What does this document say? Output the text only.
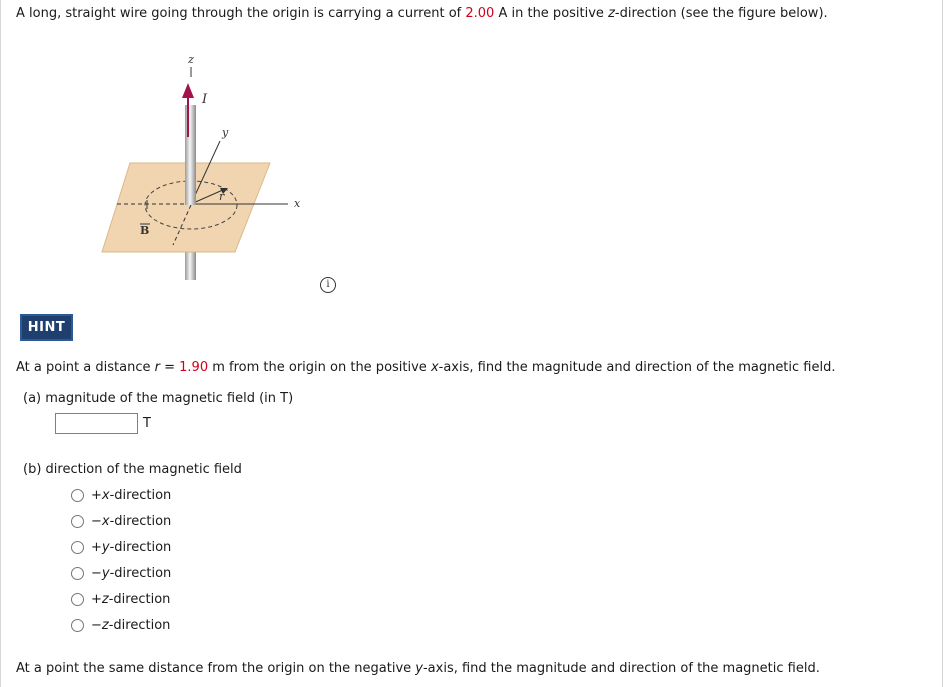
A long, straight wire going through the origin is carrying a current of 2.00 A in the positive z-direction (see the figure below).
z
I
y
x
r
B
i
HINT
At a point a distance r = 1.90 m from the origin on the positive x-axis, find the magnitude and direction of the magnetic field.
(a) magnitude of the magnetic field (in T)
T
(b) direction of the magnetic field
+ x -direction
− x -direction
+ y -direction
− y -direction
+ z -direction
− z -direction
At a point the same distance from the origin on the negative y-axis, find the magnitude and direction of the magnetic field.
